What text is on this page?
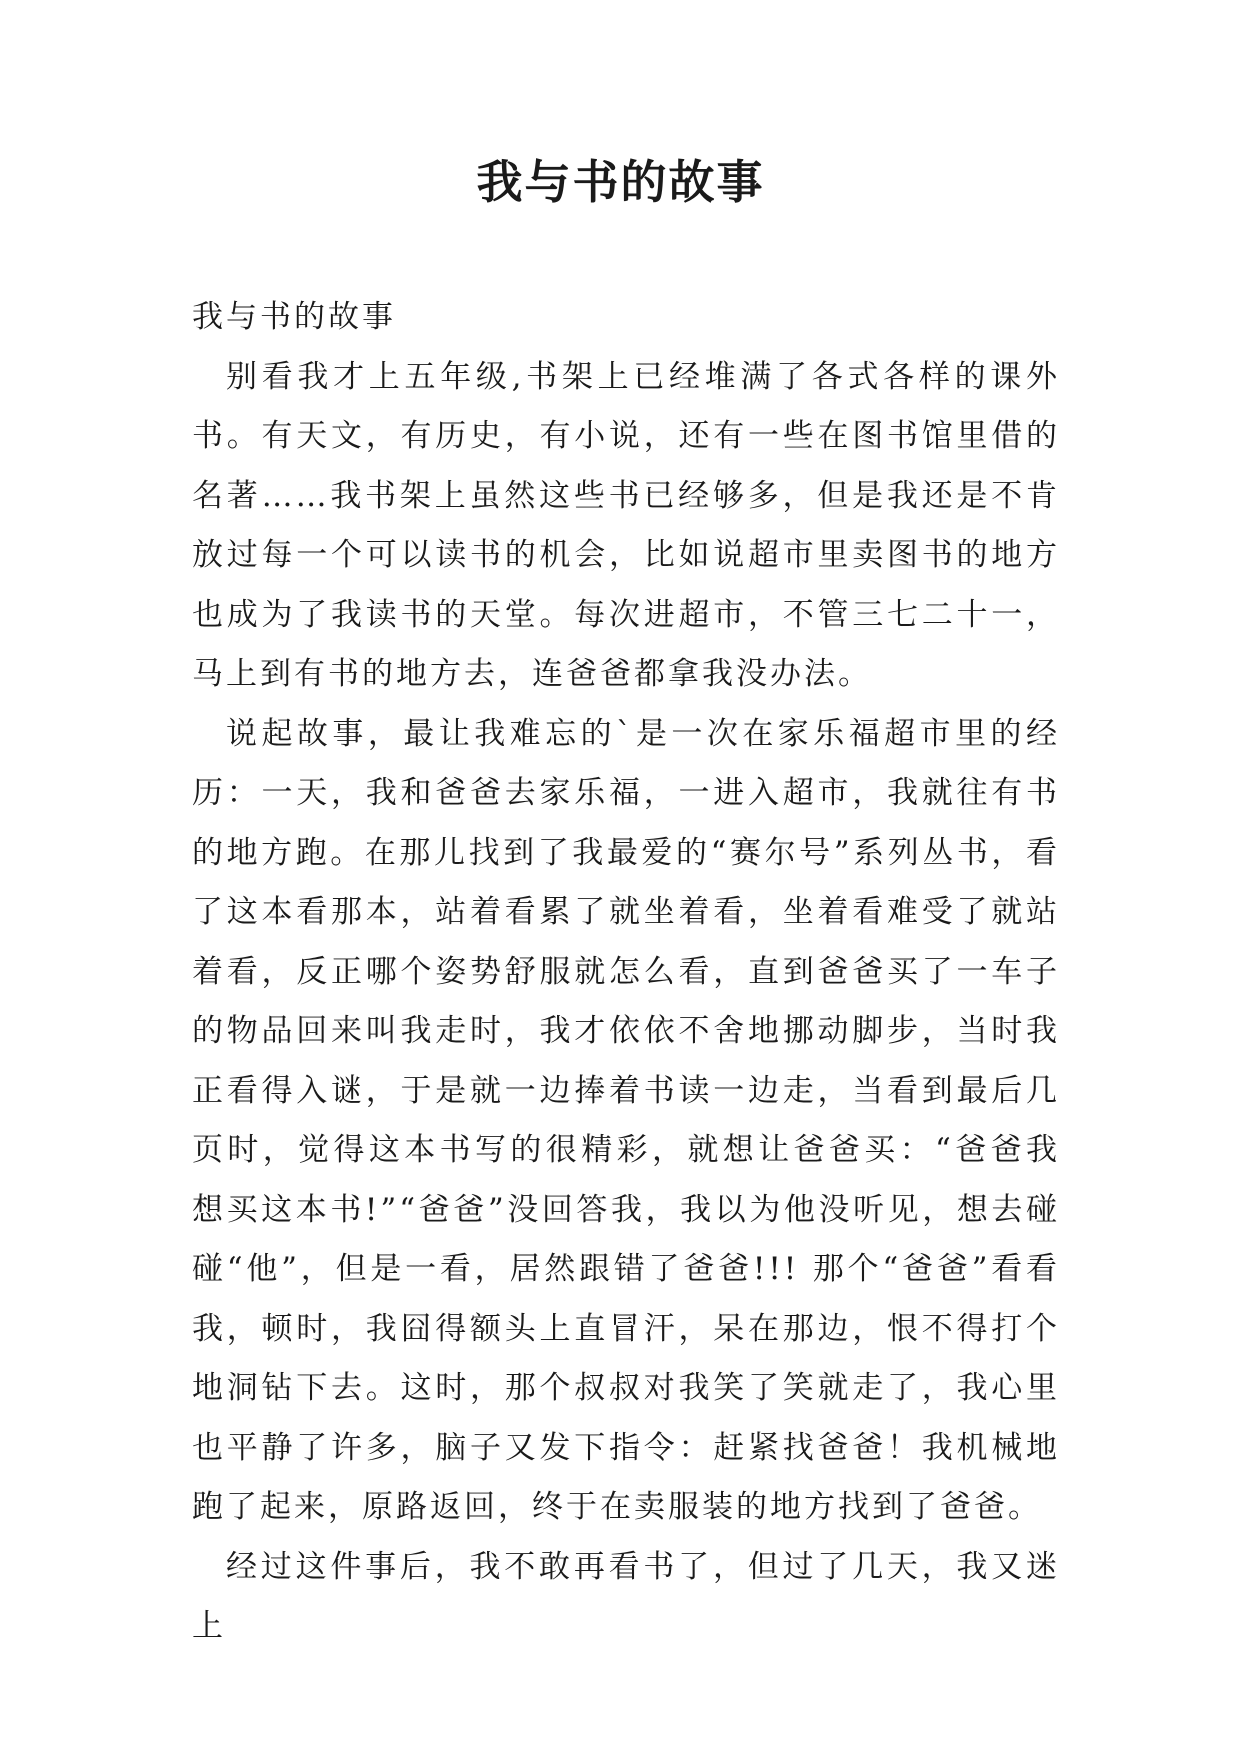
我与书的故事

我与书的故事

别看我才上五年级,书架上已经堆满了各式各样的课外书。有天文，有历史，有小说，还有一些在图书馆里借的名著……我书架上虽然这些书已经够多，但是我还是不肯放过每一个可以读书的机会，比如说超市里卖图书的地方也成为了我读书的天堂。每次进超市，不管三七二十一，马上到有书的地方去，连爸爸都拿我没办法。

说起故事，最让我难忘的`是一次在家乐福超市里的经历：一天，我和爸爸去家乐福，一进入超市，我就往有书的地方跑。在那儿找到了我最爱的“赛尔号”系列丛书，看了这本看那本，站着看累了就坐着看，坐着看难受了就站着看，反正哪个姿势舒服就怎么看，直到爸爸买了一车子的物品回来叫我走时，我才依依不舍地挪动脚步，当时我正看得入谜，于是就一边捧着书读一边走，当看到最后几页时，觉得这本书写的很精彩，就想让爸爸买：“爸爸我想买这本书!”“爸爸”没回答我，我以为他没听见，想去碰碰“他”，但是一看，居然跟错了爸爸!!! 那个“爸爸”看看我，顿时，我囧得额头上直冒汗，呆在那边，恨不得打个地洞钻下去。这时，那个叔叔对我笑了笑就走了，我心里也平静了许多，脑子又发下指令：赶紧找爸爸！我机械地跑了起来，原路返回，终于在卖服装的地方找到了爸爸。

经过这件事后，我不敢再看书了，但过了几天，我又迷上
